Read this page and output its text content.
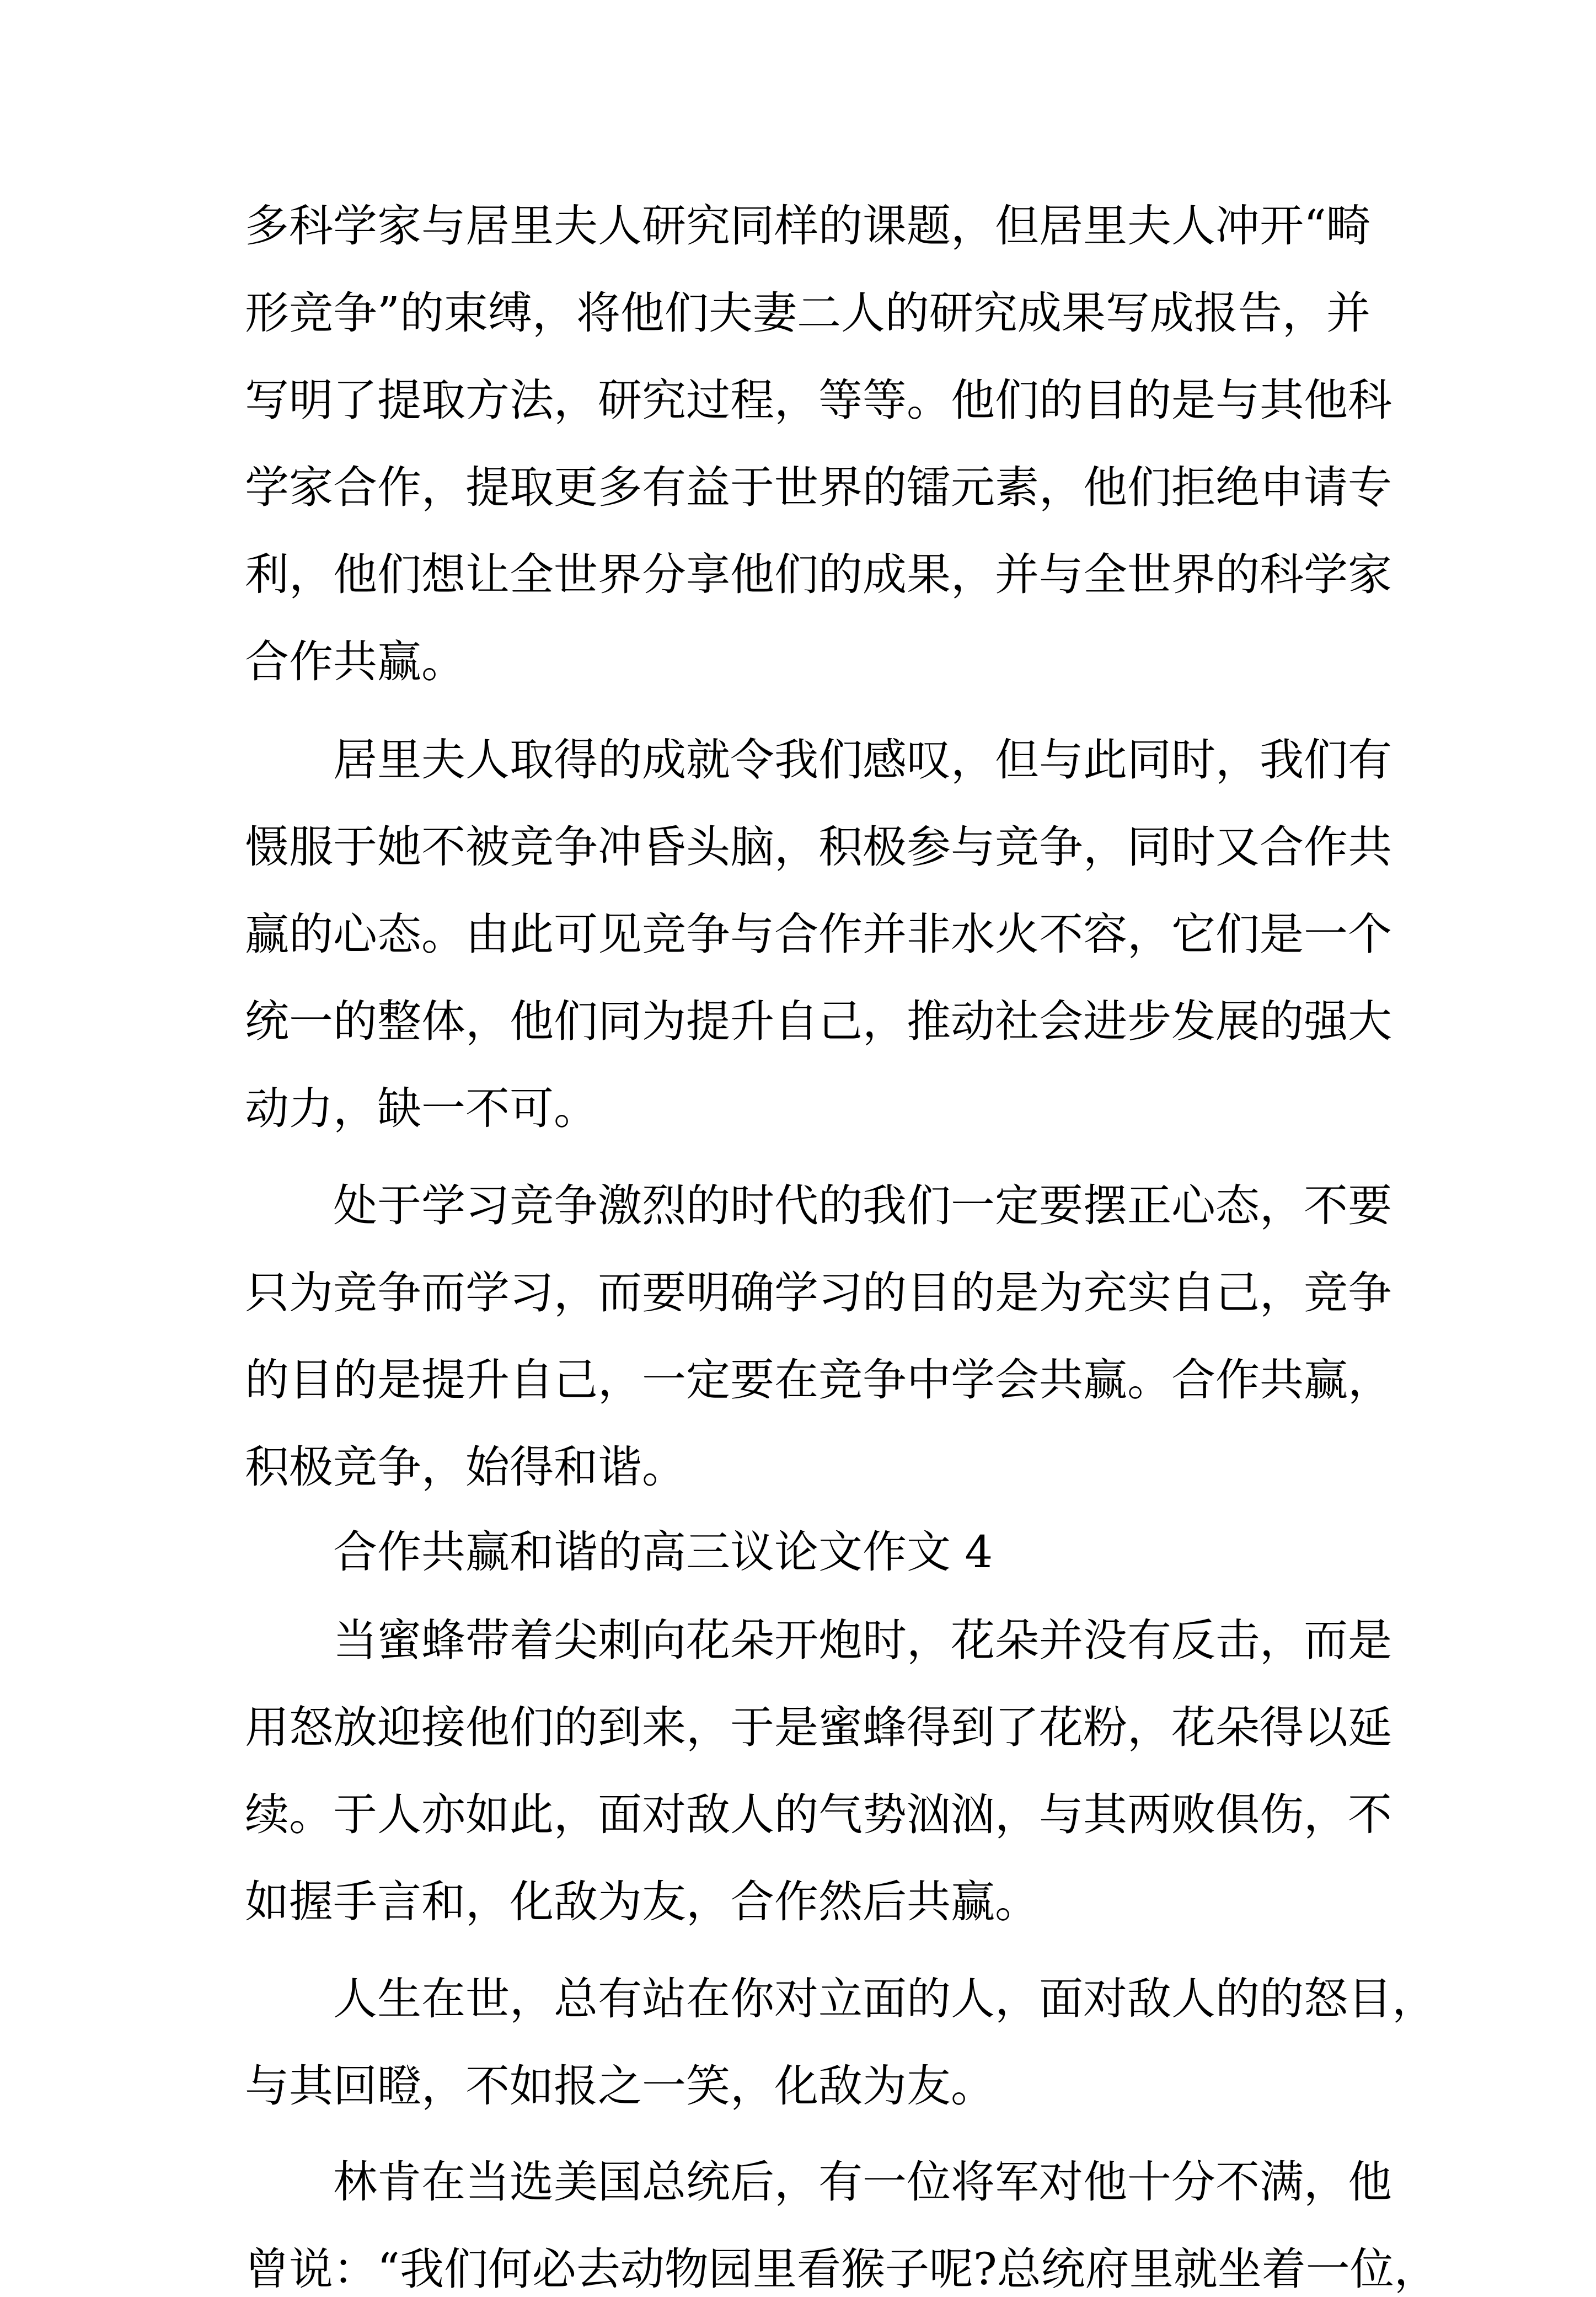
多科学家与居里夫人研究同样的课题，但居里夫人冲开“畸
形竞争”的束缚，将他们夫妻二人的研究成果写成报告，并
写明了提取方法，研究过程，等等。他们的目的是与其他科
学家合作，提取更多有益于世界的镭元素，他们拒绝申请专
利，他们想让全世界分享他们的成果，并与全世界的科学家
合作共赢。
居里夫人取得的成就令我们感叹，但与此同时，我们有
慑服于她不被竞争冲昏头脑，积极参与竞争，同时又合作共
赢的心态。由此可见竞争与合作并非水火不容，它们是一个
统一的整体，他们同为提升自己，推动社会进步发展的强大
动力，缺一不可。
处于学习竞争激烈的时代的我们一定要摆正心态，不要
只为竞争而学习，而要明确学习的目的是为充实自己，竞争
的目的是提升自己，一定要在竞争中学会共赢。合作共赢，
积极竞争，始得和谐。
合作共赢和谐的高三议论文作文 4
当蜜蜂带着尖刺向花朵开炮时，花朵并没有反击，而是
用怒放迎接他们的到来，于是蜜蜂得到了花粉，花朵得以延
续。于人亦如此，面对敌人的气势汹汹，与其两败俱伤，不
如握手言和，化敌为友，合作然后共赢。
人生在世，总有站在你对立面的人，面对敌人的的怒目，
与其回瞪，不如报之一笑，化敌为友。
林肯在当选美国总统后，有一位将军对他十分不满，他
曾说：“我们何必去动物园里看猴子呢?总统府里就坐着一位，
